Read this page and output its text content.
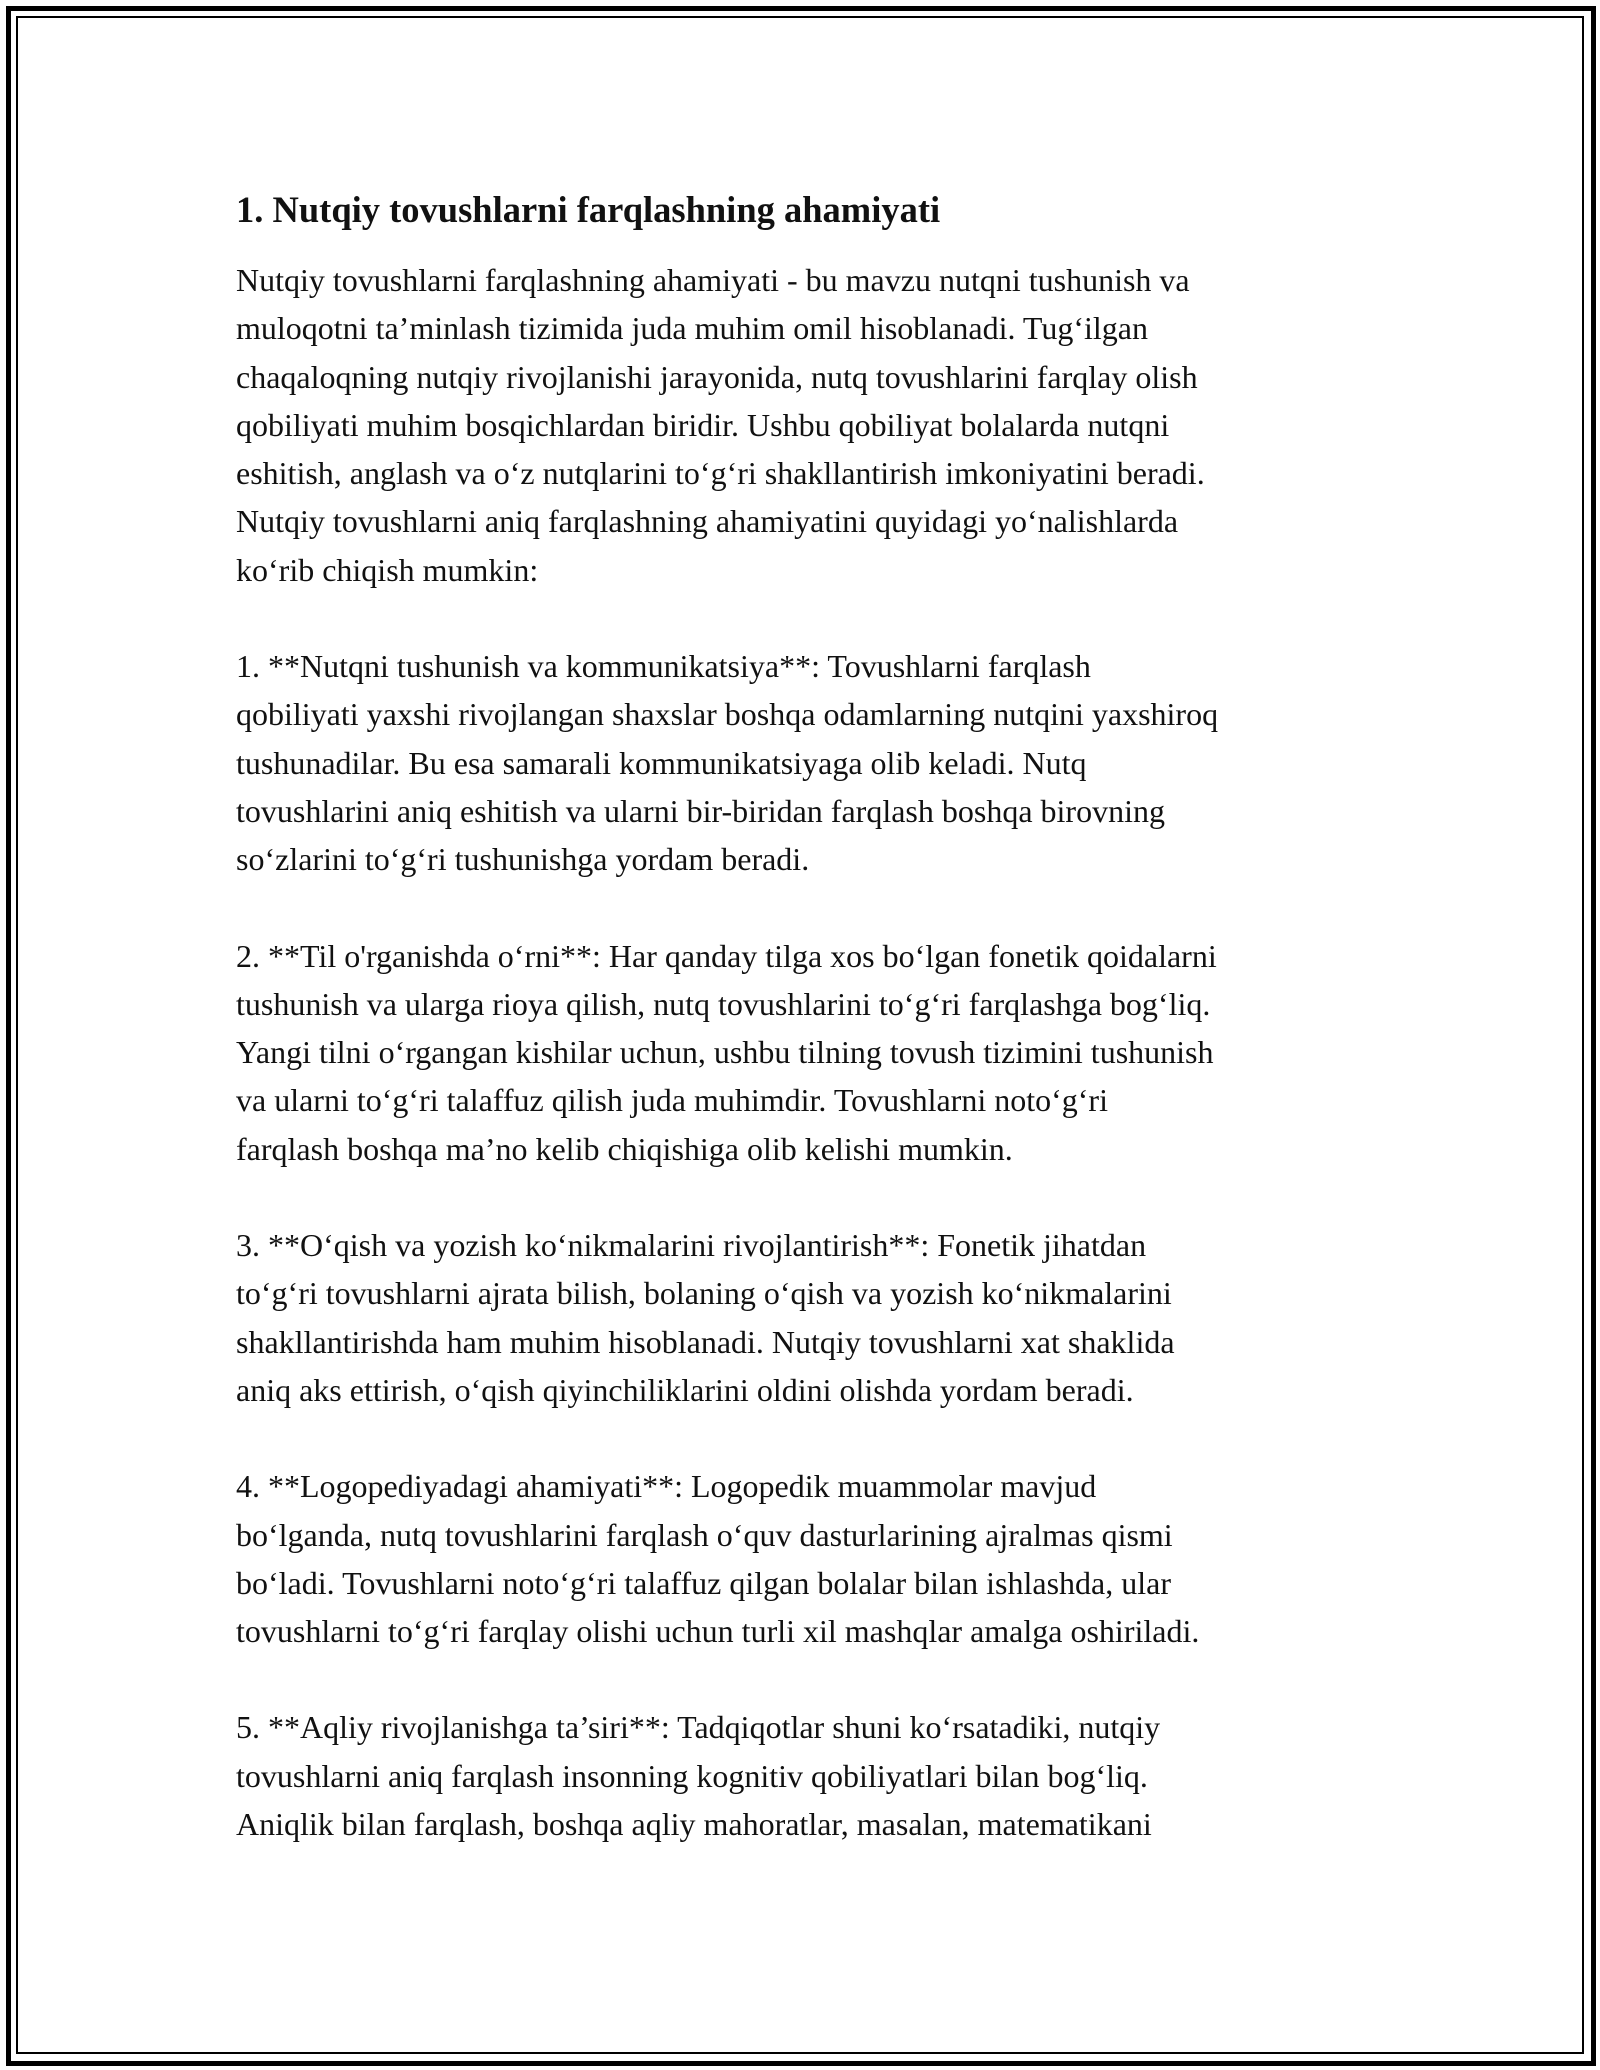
1. Nutqiy tovushlarni farqlashning ahamiyati
Nutqiy tovushlarni farqlashning ahamiyati - bu mavzu nutqni tushunish va
muloqotni ta’minlash tizimida juda muhim omil hisoblanadi. Tug‘ilgan
chaqaloqning nutqiy rivojlanishi jarayonida, nutq tovushlarini farqlay olish
qobiliyati muhim bosqichlardan biridir. Ushbu qobiliyat bolalarda nutqni
eshitish, anglash va o‘z nutqlarini to‘g‘ri shakllantirish imkoniyatini beradi.
Nutqiy tovushlarni aniq farqlashning ahamiyatini quyidagi yo‘nalishlarda
ko‘rib chiqish mumkin:
1. **Nutqni tushunish va kommunikatsiya**: Tovushlarni farqlash
qobiliyati yaxshi rivojlangan shaxslar boshqa odamlarning nutqini yaxshiroq
tushunadilar. Bu esa samarali kommunikatsiyaga olib keladi. Nutq
tovushlarini aniq eshitish va ularni bir-biridan farqlash boshqa birovning
so‘zlarini to‘g‘ri tushunishga yordam beradi.
2. **Til o'rganishda o‘rni**: Har qanday tilga xos bo‘lgan fonetik qoidalarni
tushunish va ularga rioya qilish, nutq tovushlarini to‘g‘ri farqlashga bog‘liq.
Yangi tilni o‘rgangan kishilar uchun, ushbu tilning tovush tizimini tushunish
va ularni to‘g‘ri talaffuz qilish juda muhimdir. Tovushlarni noto‘g‘ri
farqlash boshqa ma’no kelib chiqishiga olib kelishi mumkin.
3. **O‘qish va yozish ko‘nikmalarini rivojlantirish**: Fonetik jihatdan
to‘g‘ri tovushlarni ajrata bilish, bolaning o‘qish va yozish ko‘nikmalarini
shakllantirishda ham muhim hisoblanadi. Nutqiy tovushlarni xat shaklida
aniq aks ettirish, o‘qish qiyinchiliklarini oldini olishda yordam beradi.
4. **Logopediyadagi ahamiyati**: Logopedik muammolar mavjud
bo‘lganda, nutq tovushlarini farqlash o‘quv dasturlarining ajralmas qismi
bo‘ladi. Tovushlarni noto‘g‘ri talaffuz qilgan bolalar bilan ishlashda, ular
tovushlarni to‘g‘ri farqlay olishi uchun turli xil mashqlar amalga oshiriladi.
5. **Aqliy rivojlanishga ta’siri**: Tadqiqotlar shuni ko‘rsatadiki, nutqiy
tovushlarni aniq farqlash insonning kognitiv qobiliyatlari bilan bog‘liq.
Aniqlik bilan farqlash, boshqa aqliy mahoratlar, masalan, matematikani
